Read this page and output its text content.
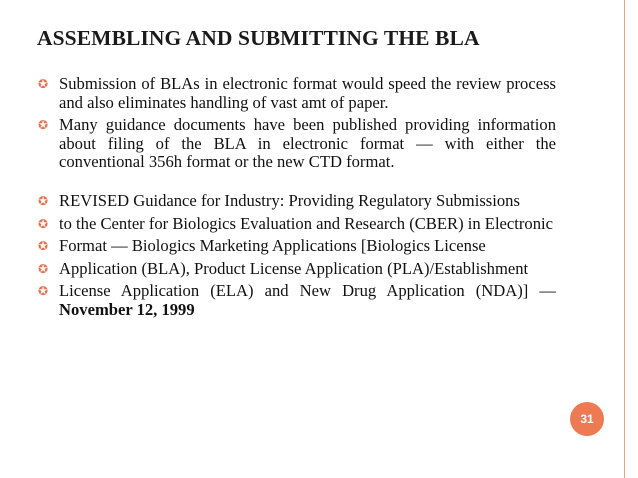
ASSEMBLING AND SUBMITTING THE BLA
✪ Submission of BLAs in electronic format would speed the review process and also eliminates handling of vast amt of paper.
✪ Many guidance documents have been published providing information about filing of the BLA in electronic format — with either the conventional 356h format or the new CTD format.
✪ REVISED Guidance for Industry: Providing Regulatory Submissions
✪ to the Center for Biologics Evaluation and Research (CBER) in Electronic
✪ Format — Biologics Marketing Applications [Biologics License
✪ Application (BLA), Product License Application (PLA)/Establishment
✪ License Application (ELA) and New Drug Application (NDA)] — November 12, 1999
31
